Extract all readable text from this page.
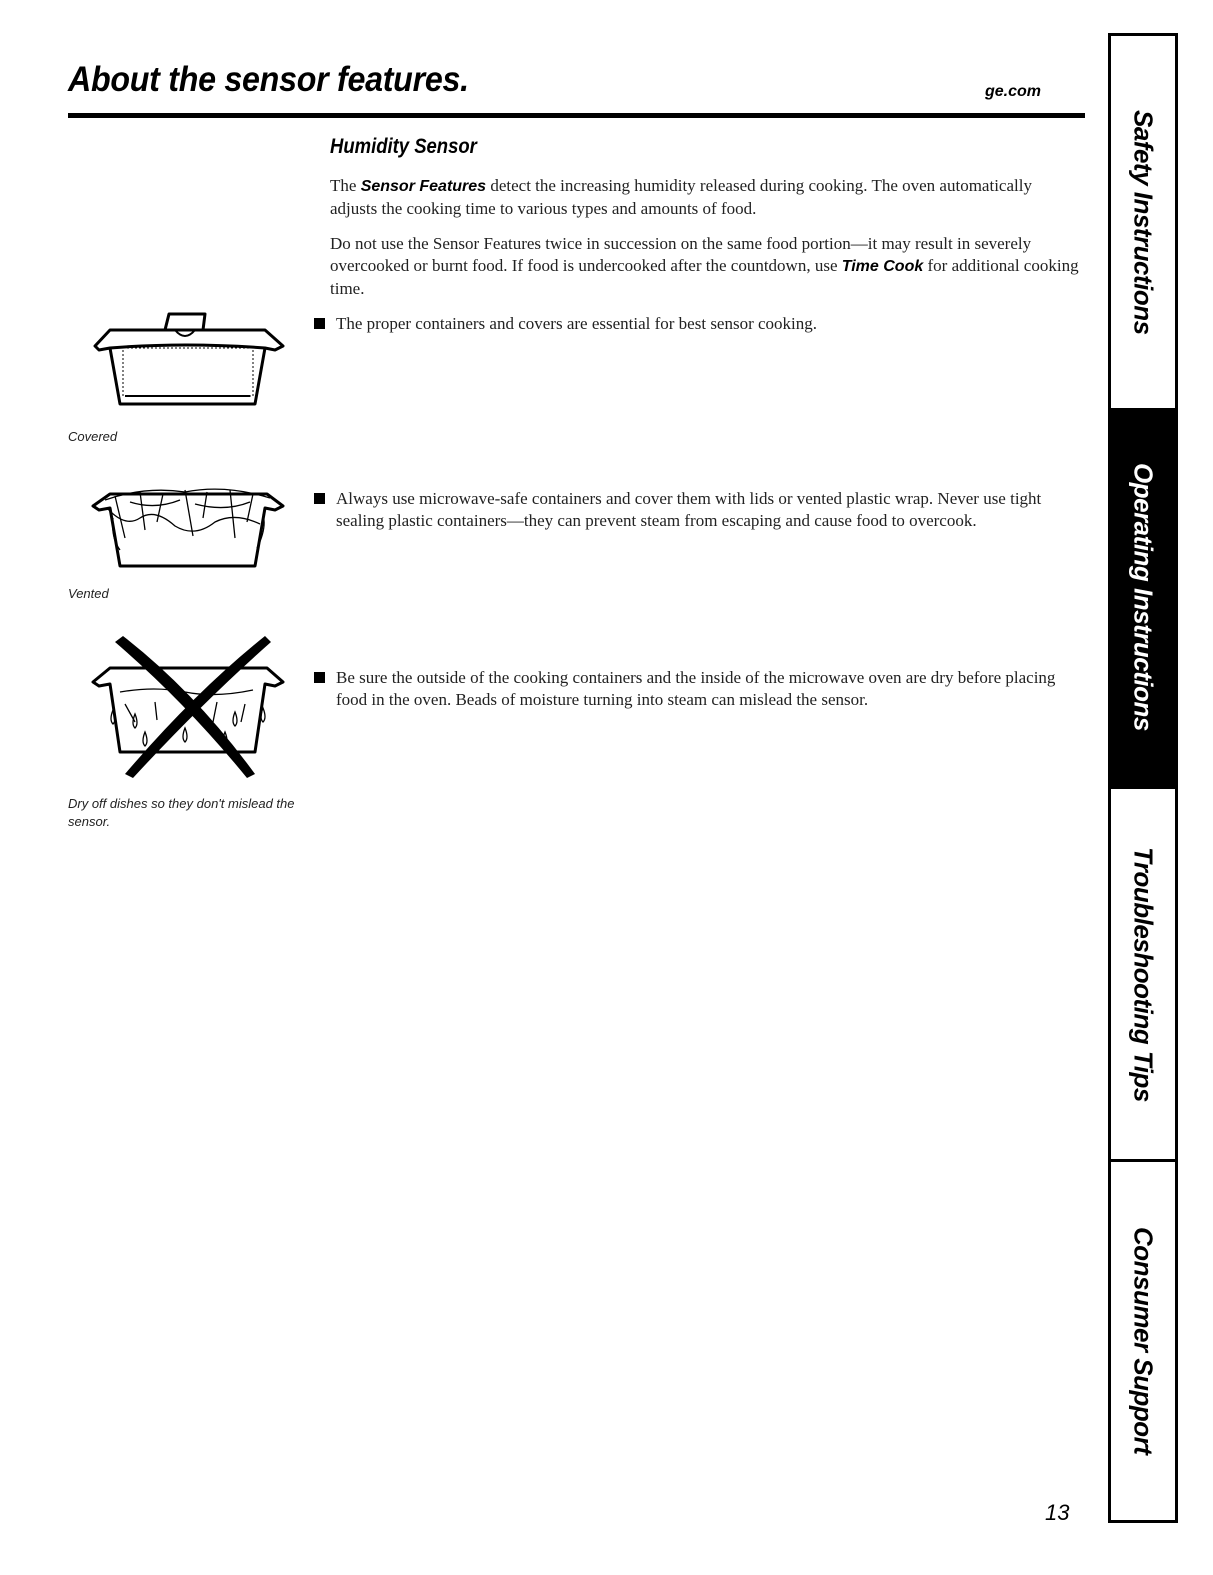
About the sensor features.	ge.com
Humidity Sensor

The Sensor Features detect the increasing humidity released during cooking. The oven automatically adjusts the cooking time to various types and amounts of food.

Do not use the Sensor Features twice in succession on the same food portion—it may result in severely overcooked or burnt food. If food is undercooked after the countdown, use Time Cook for additional cooking time.

The proper containers and covers are essential for best sensor cooking.

Always use microwave-safe containers and cover them with lids or vented plastic wrap. Never use tight sealing plastic containers—they can prevent steam from escaping and cause food to overcook.

Be sure the outside of the cooking containers and the inside of the microwave oven are dry before placing food in the oven. Beads of moisture turning into steam can mislead the sensor.

Covered

Vented

Dry off dishes so they don't mislead the sensor.

Safety Instructions
Operating Instructions
Troubleshooting Tips
Consumer Support
13
